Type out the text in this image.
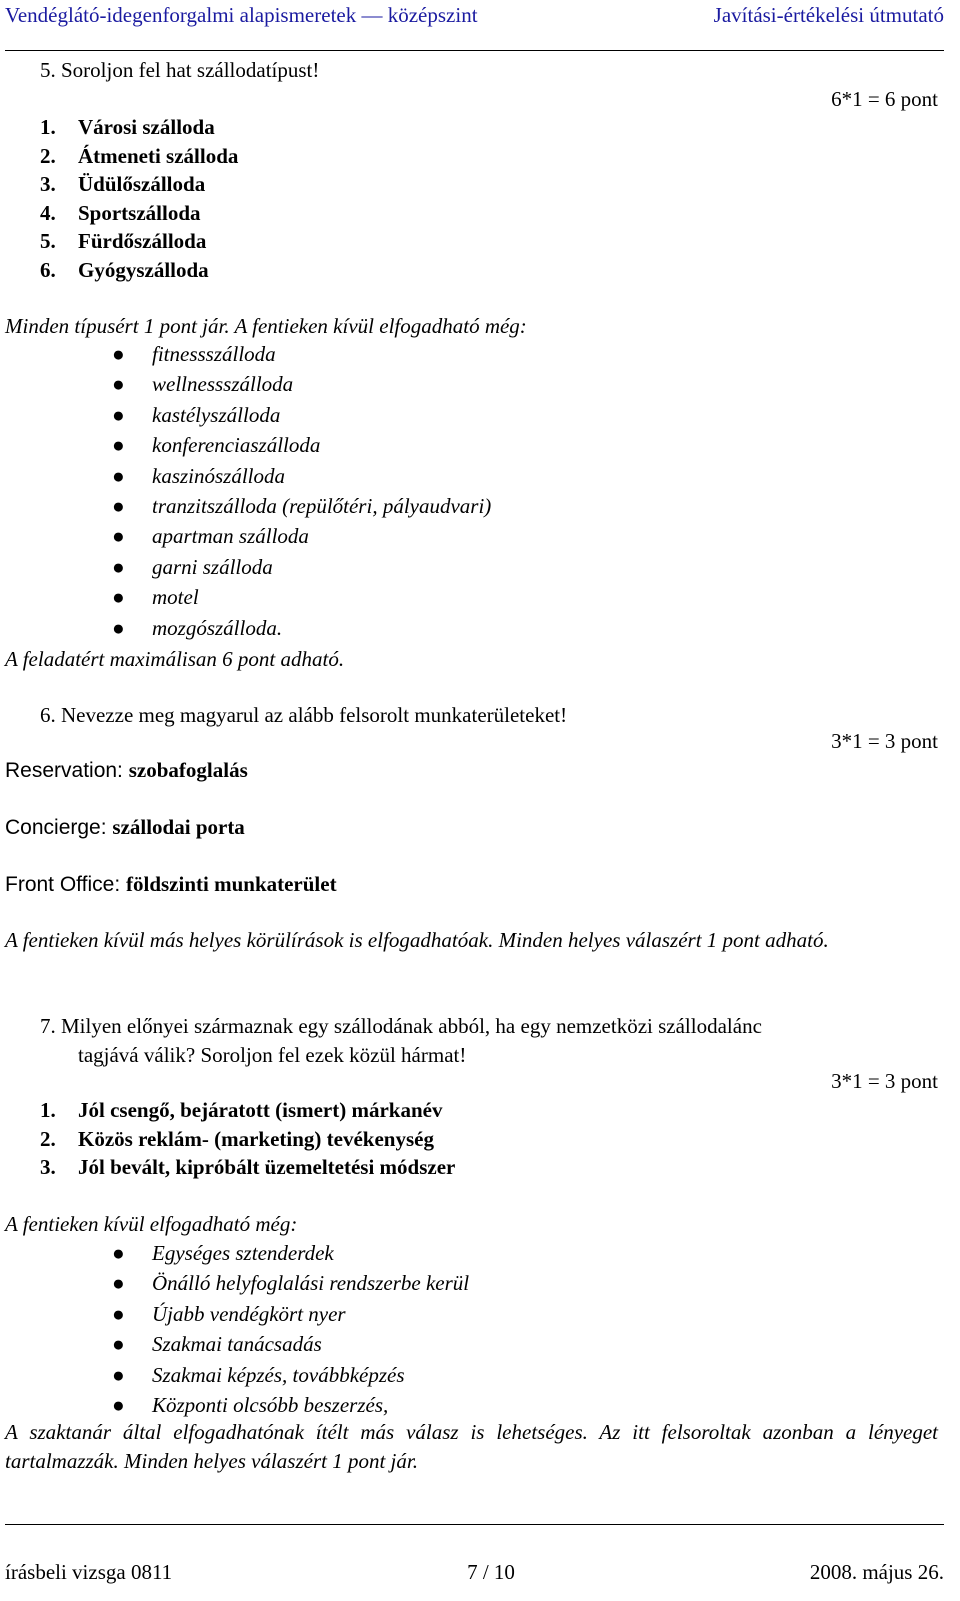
Vendéglátó-idegenforgalmi alapismeretek — középszint	Javítási-értékelési útmutató
5. Soroljon fel hat szállodatípust!
6*1 = 6 pont
1. Városi szálloda
2. Átmeneti szálloda
3. Üdülőszálloda
4. Sportszálloda
5. Fürdőszálloda
6. Gyógyszálloda
Minden típusért 1 pont jár. A fentieken kívül elfogadható még:
● fitnessszálloda
● wellnessszálloda
● kastélyszálloda
● konferenciaszálloda
● kaszinószálloda
● tranzitszálloda (repülőtéri, pályaudvari)
● apartman szálloda
● garni szálloda
● motel
● mozgószálloda.
A feladatért maximálisan 6 pont adható.
6. Nevezze meg magyarul az alább felsorolt munkaterületeket!
3*1 = 3 pont
Reservation: szobafoglalás
Concierge: szállodai porta
Front Office: földszinti munkaterület
A fentieken kívül más helyes körülírások is elfogadhatóak. Minden helyes válaszért 1 pont adható.
7. Milyen előnyei származnak egy szállodának abból, ha egy nemzetközi szállodalánc
tagjává válik? Soroljon fel ezek közül hármat!
3*1 = 3 pont
1. Jól csengő, bejáratott (ismert) márkanév
2. Közös reklám- (marketing) tevékenység
3. Jól bevált, kipróbált üzemeltetési módszer
A fentieken kívül elfogadható még:
● Egységes sztenderdek
● Önálló helyfoglalási rendszerbe kerül
● Újabb vendégkört nyer
● Szakmai tanácsadás
● Szakmai képzés, továbbképzés
● Központi olcsóbb beszerzés,
A szaktanár által elfogadhatónak ítélt más válasz is lehetséges. Az itt felsoroltak azonban a lényeget tartalmazzák. Minden helyes válaszért 1 pont jár.
írásbeli vizsga 0811	7 / 10	2008. május 26.
